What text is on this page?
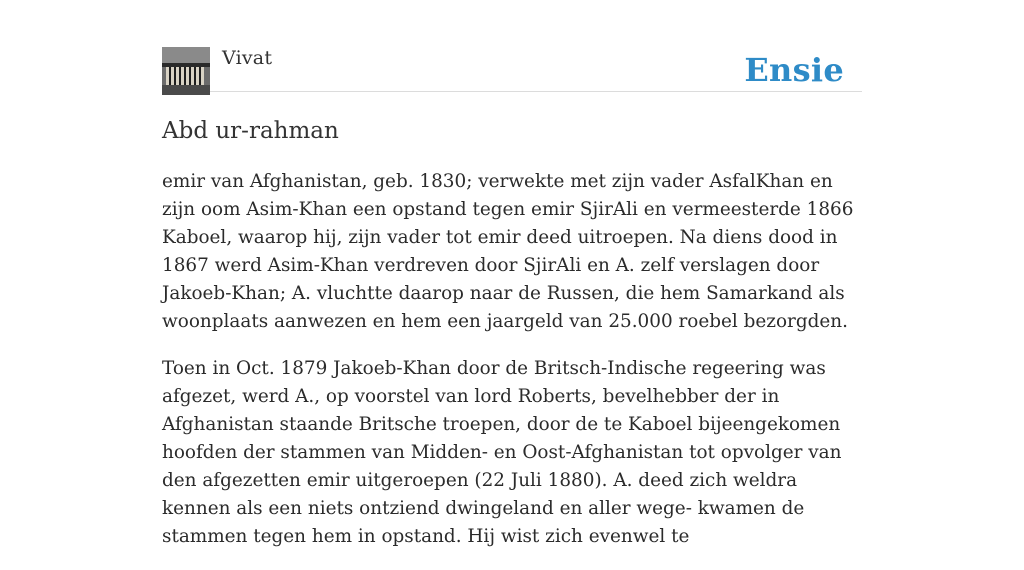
Vivat	Ensie
Abd ur-rahman

emir van Afghanistan, geb. 1830; verwekte met zijn vader AsfalKhan en zijn oom Asim-Khan een opstand tegen emir SjirAli en vermeesterde 1866 Kaboel, waarop hij, zijn vader tot emir deed uitroepen. Na diens dood in 1867 werd Asim-Khan verdreven door SjirAli en A. zelf verslagen door Jakoeb-Khan; A. vluchtte daarop naar de Russen, die hem Samarkand als woonplaats aanwezen en hem een jaargeld van 25.000 roebel bezorgden.

Toen in Oct. 1879 Jakoeb-Khan door de Britsch-Indische regeering was afgezet, werd A., op voorstel van lord Roberts, bevelhebber der in Afghanistan staande Britsche troepen, door de te Kaboel bijeengekomen hoofden der stammen van Midden- en Oost-Afghanistan tot opvolger van den afgezetten emir uitgeroepen (22 Juli 1880). A. deed zich weldra kennen als een niets ontziend dwingeland en aller wege- kwamen de stammen tegen hem in opstand. Hij wist zich evenwel te
